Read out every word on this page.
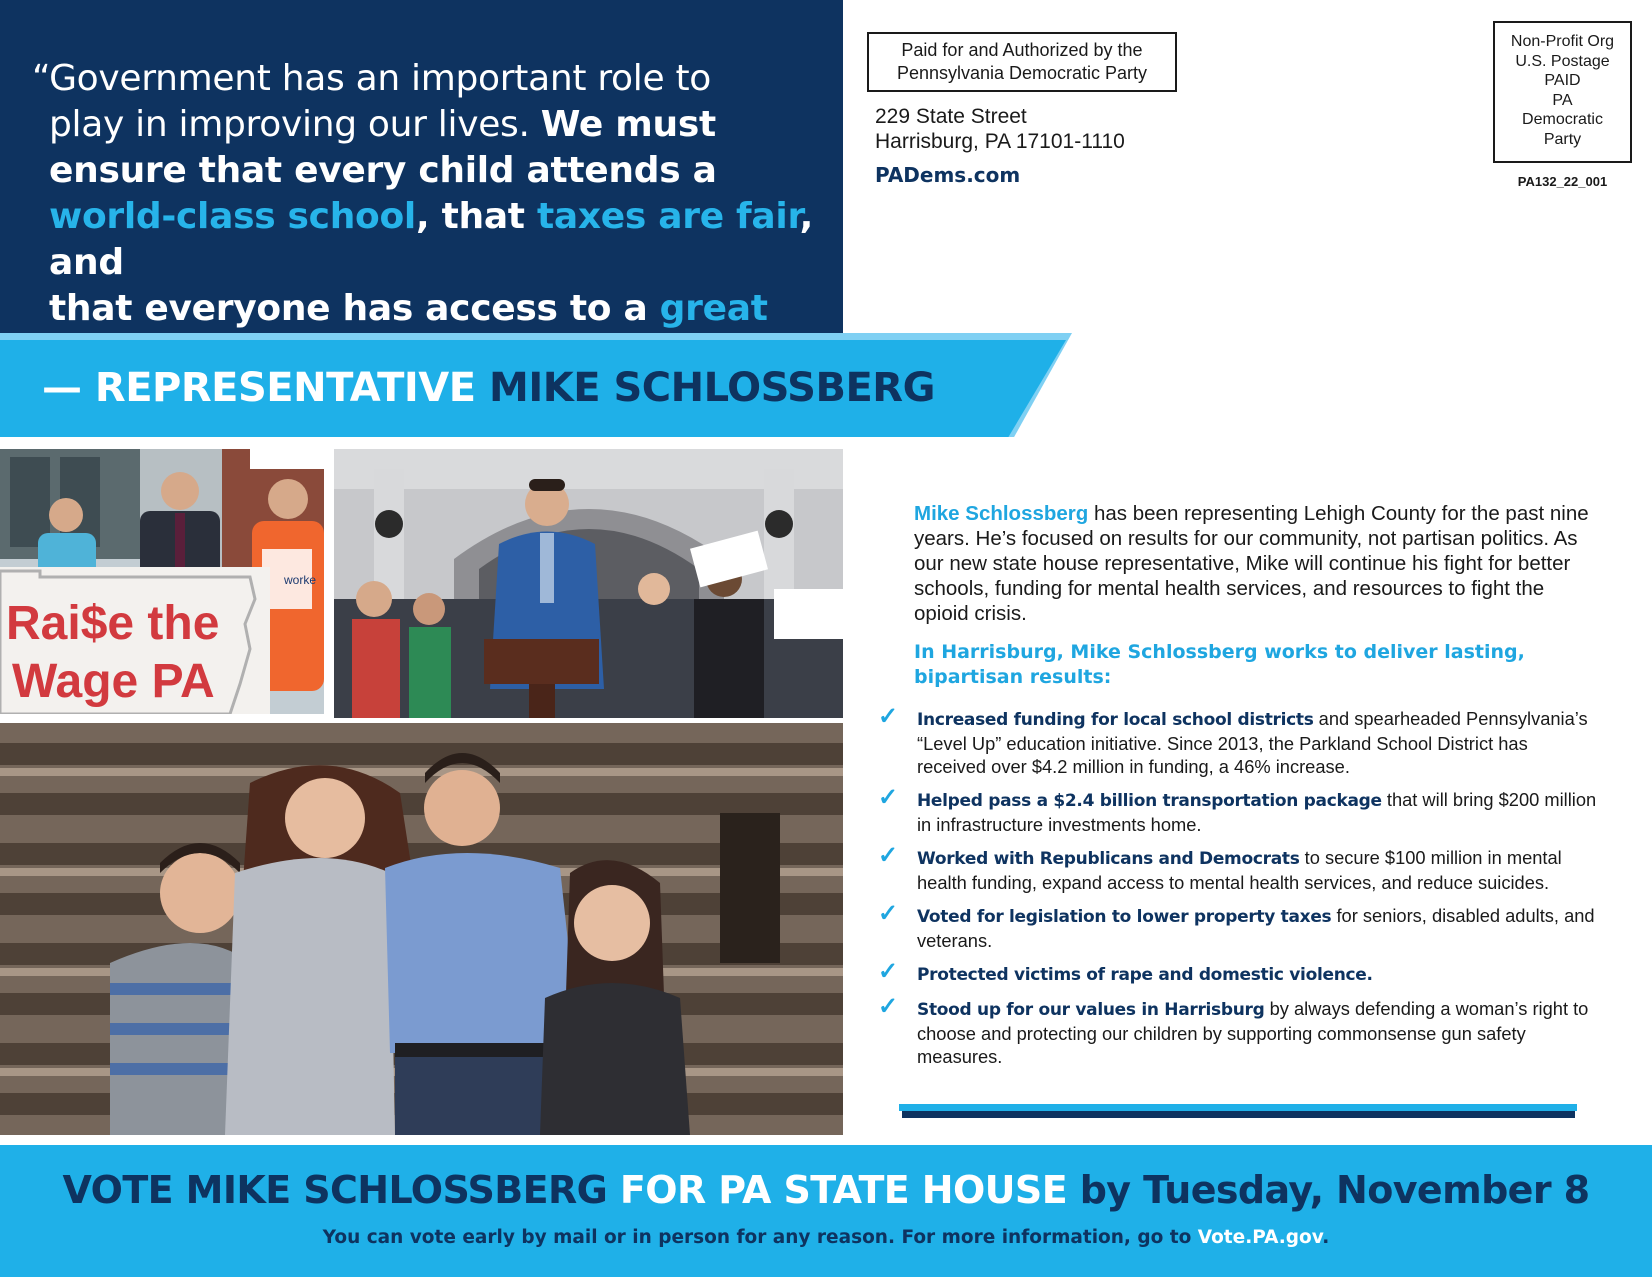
“Government has an important role to
play in improving our lives. We must
ensure that every child attends a
world-class school, that taxes are fair, and
that everyone has access to a great
— REPRESENTATIVE MIKE SCHLOSSBERG
Paid for and Authorized by the
Pennsylvania Democratic Party
229 State Street
Harrisburg, PA 17101-1110
PADems.com
Non-Profit Org
U.S. Postage
PAID
PA
Democratic
Party
PA132_22_001
worke
Rai$e the
Wage PA
Mike Schlossberg has been representing Lehigh County for the past nine years. He’s focused on results for our community, not partisan politics. As our new state house representative, Mike will continue his fight for better schools, funding for mental health services, and resources to fight the opioid crisis.
In Harrisburg, Mike Schlossberg works to deliver lasting, bipartisan results:
✓ Increased funding for local school districts and spearheaded Pennsylvania’s “Level Up” education initiative. Since 2013, the Parkland School District has received over $4.2 million in funding, a 46% increase.
✓ Helped pass a $2.4 billion transportation package that will bring $200 million in infrastructure investments home.
✓ Worked with Republicans and Democrats to secure $100 million in mental health funding, expand access to mental health services, and reduce suicides.
✓ Voted for legislation to lower property taxes for seniors, disabled adults, and veterans.
✓ Protected victims of rape and domestic violence.
✓ Stood up for our values in Harrisburg by always defending a woman’s right to choose and protecting our children by supporting commonsense gun safety measures.
VOTE MIKE SCHLOSSBERG FOR PA STATE HOUSE by Tuesday, November 8
You can vote early by mail or in person for any reason. For more information, go to Vote.PA.gov.
